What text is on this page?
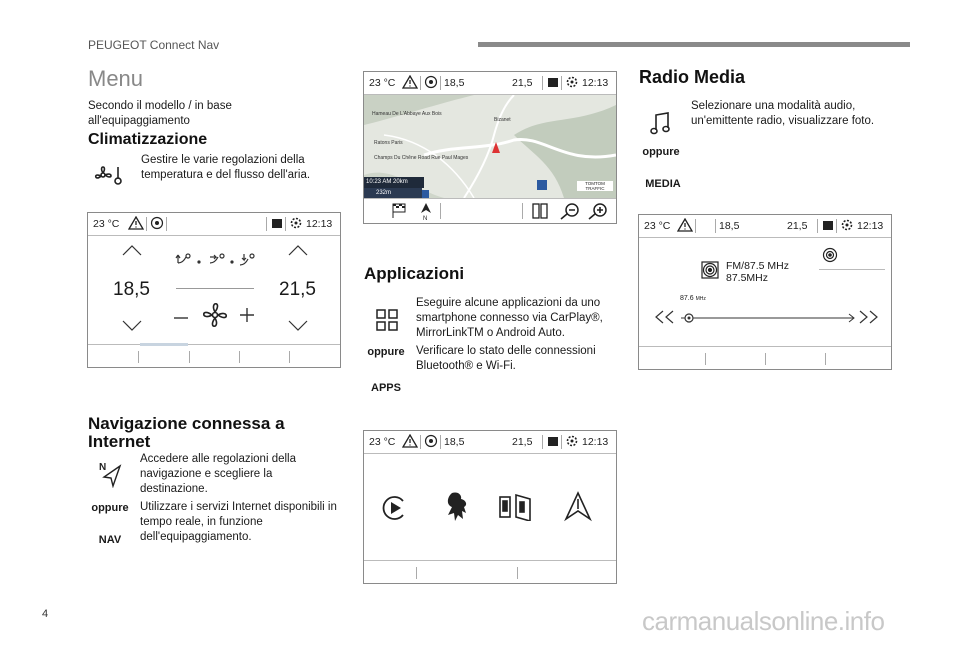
PEUGEOT Connect Nav
Menu
Secondo il modello / in base all'equipaggiamento
Climatizzazione
Gestire le varie regolazioni della temperatura e del flusso dell'aria.
23 °C	12:13
18,5	21,5
Navigazione connessa a Internet
N
oppure
NAV
Accedere alle regolazioni della navigazione e scegliere la destinazione.
Utilizzare i servizi Internet disponibili in tempo reale, in funzione dell'equipaggiamento.
23 °C	18,5	21,5	12:13
Hameau De L'Abbaye Aux Bois
Bizanet
Ratons Paris
Champs Du Chêne Road Rue Paul Mages
10:23 AM 20km
232m
TOMTOM TRAFFIC
N
Applicazioni
oppure
APPS
Eseguire alcune applicazioni da uno smartphone connesso via CarPlay®, MirrorLinkTM o Android Auto.
Verificare lo stato delle connessioni Bluetooth® e Wi-Fi.
23 °C	18,5	21,5	12:13
Radio Media
oppure
MEDIA
Selezionare una modalità audio, un'emittente radio, visualizzare foto.
23 °C	18,5	21,5	12:13
FM/87.5 MHz
87.5MHz
87.6 MHz
4	carmanualsonline.info
